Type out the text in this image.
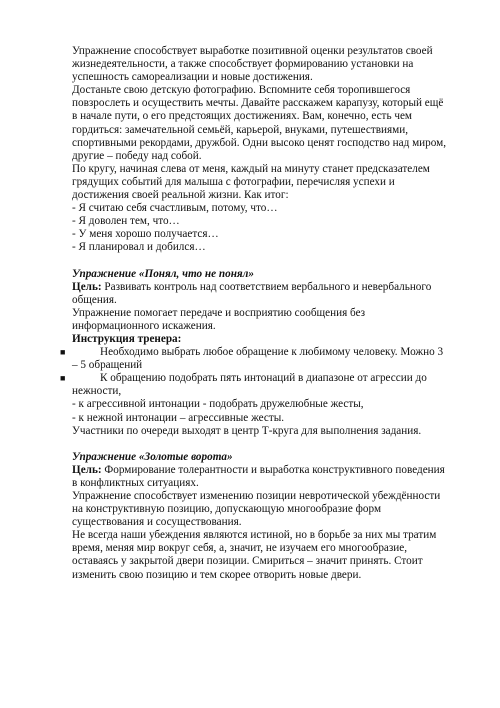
Упражнение способствует выработке позитивной оценки результатов своей

жизнедеятельности, а также способствует формированию установки на

успешность самореализации и новые достижения.

Достаньте свою детскую фотографию. Вспомните себя торопившегося

повзрослеть и осуществить мечты. Давайте расскажем карапузу, который ещё

в начале пути, о его предстоящих достижениях. Вам, конечно, есть чем

гордиться: замечательной семьёй, карьерой, внуками, путешествиями,

спортивными рекордами, дружбой. Одни высоко ценят господство над миром,

другие – победу над собой.

По кругу, начиная слева от меня, каждый на минуту станет предсказателем

грядущих событий для малыша с фотографии, перечисляя успехи и

достижения своей реальной жизни. Как итог:

- Я считаю себя счастливым, потому, что…

- Я доволен тем, что…

- У меня хорошо получается…

- Я планировал и добился…

Упражнение «Понял, что не понял»

Цель: Развивать контроль над соответствием вербального и невербального

общения.

Упражнение помогает передаче и восприятию сообщения без

информационного искажения.

Инструкция тренера:

■	Необходимо выбрать любое обращение к любимому человеку. Можно 3

– 5 обращений

■	К обращению подобрать пять интонаций в диапазоне от агрессии до

нежности,

- к агрессивной интонации - подобрать дружелюбные жесты,

- к нежной интонации – агрессивные жесты.

Участники по очереди выходят в центр Т-круга для выполнения задания.

Упражнение «Золотые ворота»

Цель: Формирование толерантности и выработка конструктивного поведения

в конфликтных ситуациях.

Упражнение способствует изменению позиции невротической убеждённости

на конструктивную позицию, допускающую многообразие форм

существования и сосуществования.

Не всегда наши убеждения являются истиной, но в борьбе за них мы тратим

время, меняя мир вокруг себя, а, значит, не изучаем его многообразие,

оставаясь у закрытой двери позиции. Смириться – значит принять. Стоит

изменить свою позицию и тем скорее отворить новые двери.
